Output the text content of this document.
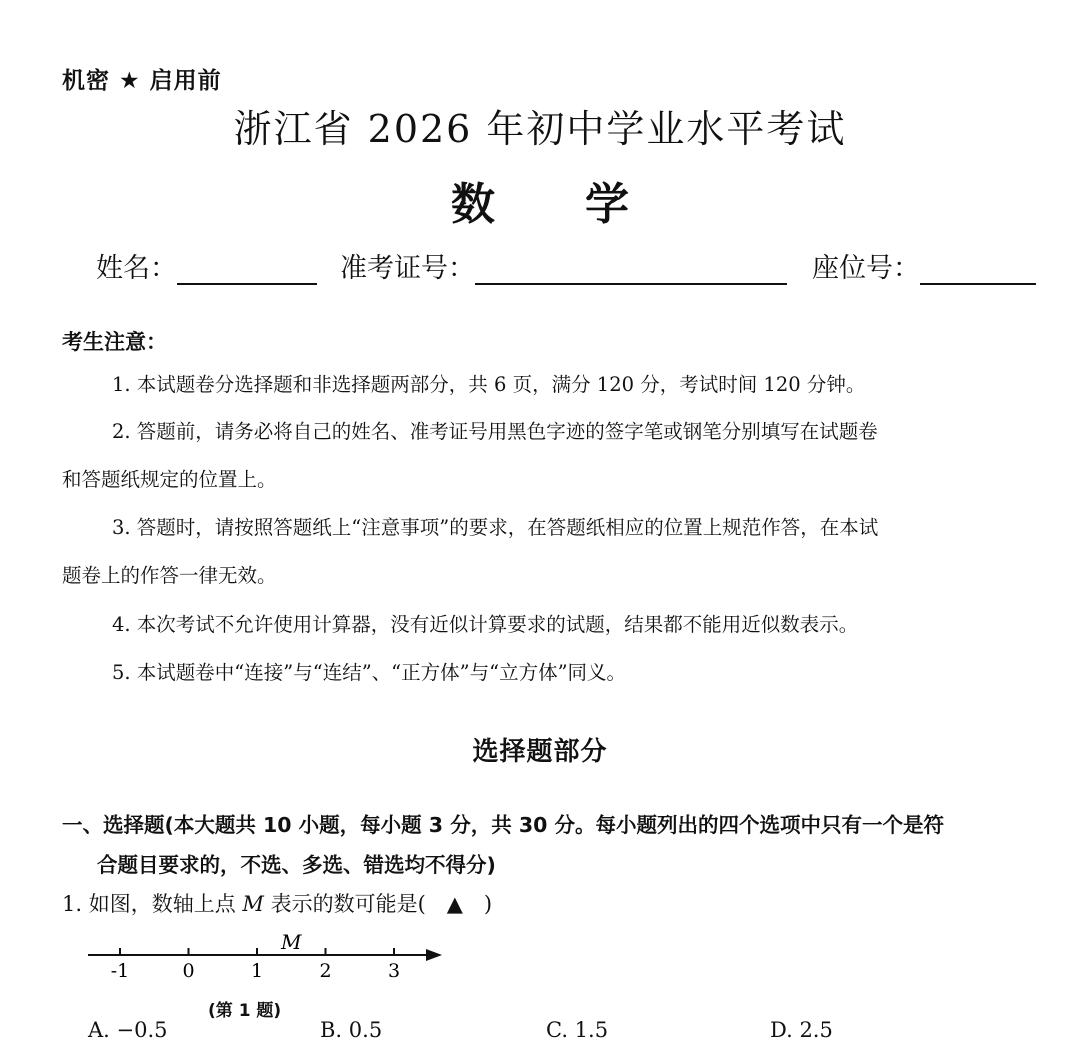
机密 ★ 启用前
浙江省 2026 年初中学业水平考试
数学
姓名：	准考证号：	座位号：
考生注意：
1. 本试题卷分选择题和非选择题两部分，共 6 页，满分 120 分，考试时间 120 分钟。
2. 答题前，请务必将自己的姓名、准考证号用黑色字迹的签字笔或钢笔分别填写在试题卷
和答题纸规定的位置上。
3. 答题时，请按照答题纸上“注意事项”的要求，在答题纸相应的位置上规范作答，在本试
题卷上的作答一律无效。
4. 本次考试不允许使用计算器，没有近似计算要求的试题，结果都不能用近似数表示。
5. 本试题卷中“连接”与“连结”、“正方体”与“立方体”同义。
选择题部分
一、选择题(本大题共 10 小题，每小题 3 分，共 30 分。每小题列出的四个选项中只有一个是符
合题目要求的，不选、多选、错选均不得分)
1. 如图，数轴上点 M 表示的数可能是(　▲　)
-1	0	1	2	3
M
(第 1 题)
A. −0.5	B. 0.5	C. 1.5	D. 2.5
